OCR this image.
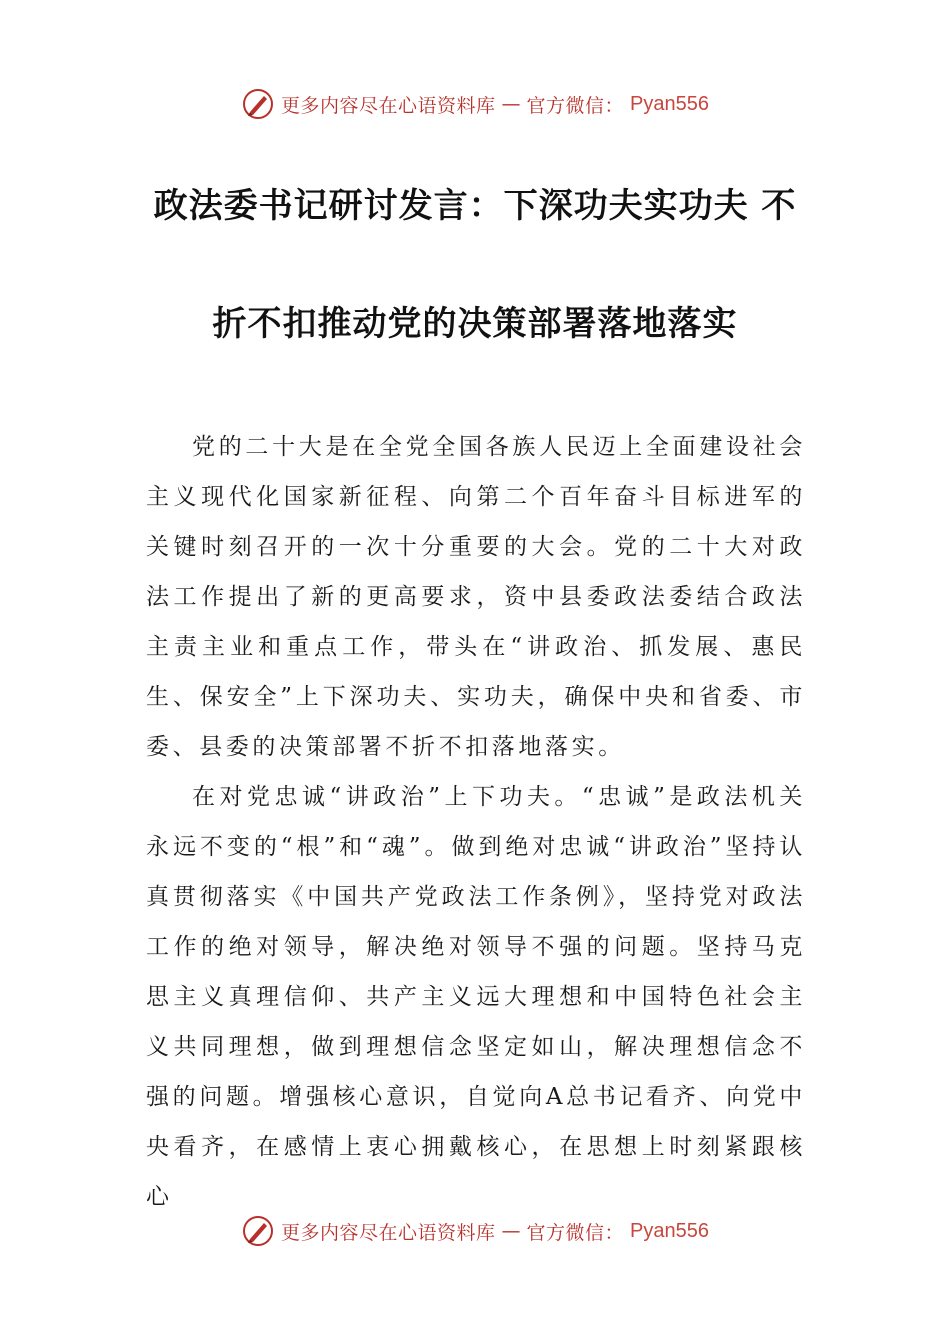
更多内容尽在心语资料库 — 官方微信： Pyan556
政法委书记研讨发言：下深功夫实功夫 不
折不扣推动党的决策部署落地落实

党的二十大是在全党全国各族人民迈上全面建设社会主义现代化国家新征程、向第二个百年奋斗目标进军的关键时刻召开的一次十分重要的大会。党的二十大对政法工作提出了新的更高要求，资中县委政法委结合政法主责主业和重点工作，带头在“讲政治、抓发展、惠民生、保安全”上下深功夫、实功夫，确保中央和省委、市委、县委的决策部署不折不扣落地落实。

在对党忠诚“讲政治”上下功夫。“忠诚”是政法机关永远不变的“根”和“魂”。做到绝对忠诚“讲政治”坚持认真贯彻落实《中国共产党政法工作条例》，坚持党对政法工作的绝对领导，解决绝对领导不强的问题。坚持马克思主义真理信仰、共产主义远大理想和中国特色社会主义共同理想，做到理想信念坚定如山，解决理想信念不强的问题。增强核心意识，自觉向A总书记看齐、向党中央看齐，在感情上衷心拥戴核心，在思想上时刻紧跟核心

更多内容尽在心语资料库 — 官方微信： Pyan556
